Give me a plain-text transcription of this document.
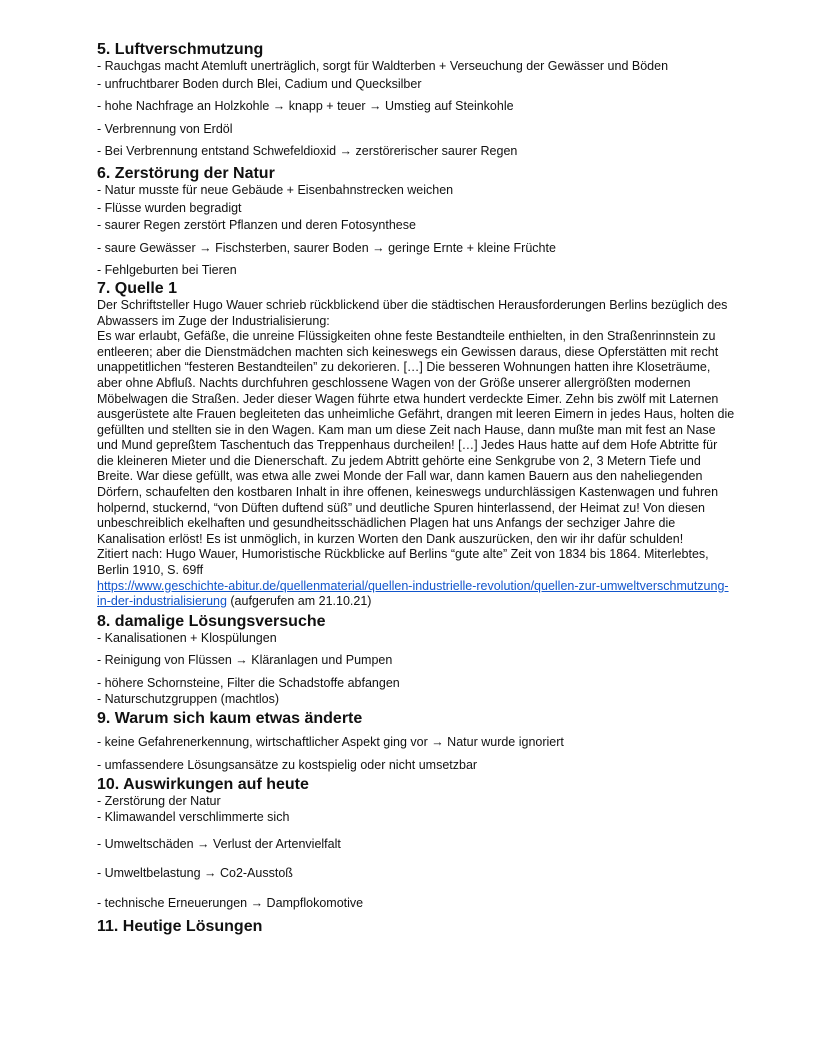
5. Luftverschmutzung

- Rauchgas macht Atemluft unerträglich, sorgt für Waldterben + Verseuchung der Gewässer und Böden

- unfruchtbarer Boden durch Blei, Cadium und Quecksilber

- hohe Nachfrage an Holzkohle → knapp + teuer → Umstieg auf Steinkohle

- Verbrennung von Erdöl

- Bei Verbrennung entstand Schwefeldioxid → zerstörerischer saurer Regen

6. Zerstörung der Natur

- Natur musste für neue Gebäude + Eisenbahnstrecken weichen

- Flüsse wurden begradigt

- saurer Regen zerstört Pflanzen und deren Fotosynthese

- saure Gewässer → Fischsterben, saurer Boden → geringe Ernte + kleine Früchte

- Fehlgeburten bei Tieren

7. Quelle 1

Der Schriftsteller Hugo Wauer schrieb rückblickend über die städtischen Herausforderungen Berlins bezüglich des Abwassers im Zuge der Industrialisierung:

Es war erlaubt, Gefäße, die unreine Flüssigkeiten ohne feste Bestandteile enthielten, in den Straßenrinnstein zu entleeren; aber die Dienstmädchen machten sich keineswegs ein Gewissen daraus, diese Opferstätten mit recht unappetitlichen “festeren Bestandteilen” zu dekorieren. […] Die besseren Wohnungen hatten ihre Kloseträume, aber ohne Abfluß. Nachts durchfuhren geschlossene Wagen von der Größe unserer allergrößten modernen Möbelwagen die Straßen. Jeder dieser Wagen führte etwa hundert verdeckte Eimer. Zehn bis zwölf mit Laternen ausgerüstete alte Frauen begleiteten das unheimliche Gefährt, drangen mit leeren Eimern in jedes Haus, holten die gefüllten und stellten sie in den Wagen. Kam man um diese Zeit nach Hause, dann mußte man mit fest an Nase und Mund gepreßtem Taschentuch das Treppenhaus durcheilen! […] Jedes Haus hatte auf dem Hofe Abtritte für die kleineren Mieter und die Dienerschaft. Zu jedem Abtritt gehörte eine Senkgrube von 2, 3 Metern Tiefe und Breite. War diese gefüllt, was etwa alle zwei Monde der Fall war, dann kamen Bauern aus den naheliegenden Dörfern, schaufelten den kostbaren Inhalt in ihre offenen, keineswegs undurchlässigen Kastenwagen und fuhren holpernd, stuckernd, “von Düften duftend süß” und deutliche Spuren hinterlassend, der Heimat zu! Von diesen unbeschreiblich ekelhaften und gesundheitsschädlichen Plagen hat uns Anfangs der sechziger Jahre die Kanalisation erlöst! Es ist unmöglich, in kurzen Worten den Dank auszurücken, den wir ihr dafür schulden!

Zitiert nach: Hugo Wauer, Humoristische Rückblicke auf Berlins “gute alte” Zeit von 1834 bis 1864. Miterlebtes, Berlin 1910, S. 69ff

https://www.geschichte-abitur.de/quellenmaterial/quellen-industrielle-revolution/quellen-zur-umweltverschmutzung-in-der-industrialisierung (aufgerufen am 21.10.21)

8. damalige Lösungsversuche

- Kanalisationen + Klospülungen

- Reinigung von Flüssen → Kläranlagen und Pumpen

- höhere Schornsteine, Filter die Schadstoffe abfangen

- Naturschutzgruppen (machtlos)

9. Warum sich kaum etwas änderte

- keine Gefahrenerkennung, wirtschaftlicher Aspekt ging vor → Natur wurde ignoriert

- umfassendere Lösungsansätze zu kostspielig oder nicht umsetzbar

10. Auswirkungen auf heute

- Zerstörung der Natur

- Klimawandel verschlimmerte sich

- Umweltschäden → Verlust der Artenvielfalt

- Umweltbelastung → Co2-Ausstoß

- technische Erneuerungen → Dampflokomotive

11. Heutige Lösungen
